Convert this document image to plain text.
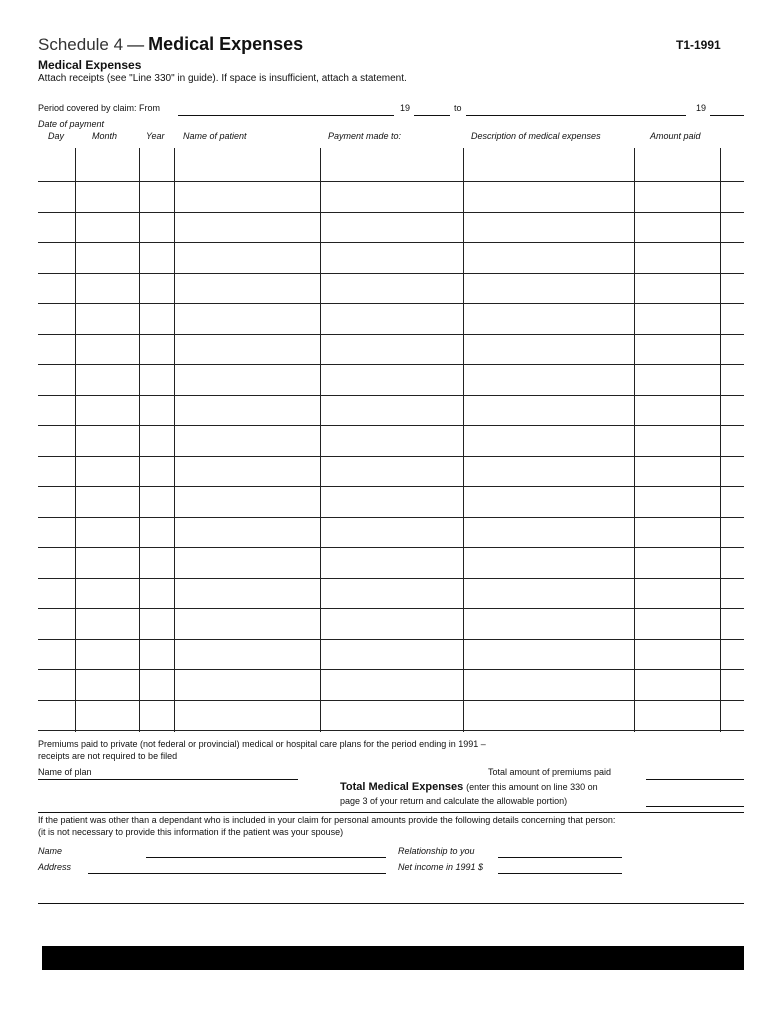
Schedule 4 — Medical Expenses	T1-1991
Medical Expenses
Attach receipts (see "Line 330" in guide). If space is insufficient, attach a statement.
Period covered by claim: From	19	to	19
Date of payment
Day	Month	Year Name of patient	Payment made to:	Description of medical expenses	Amount paid
Premiums paid to private (not federal or provincial) medical or hospital care plans for the period ending in 1991 –
receipts are not required to be filed
Name of plan	Total amount of premiums paid
Total Medical Expenses (enter this amount on line 330 on
page 3 of your return and calculate the allowable portion)
If the patient was other than a dependant who is included in your claim for personal amounts provide the following details concerning that person:
(it is not necessary to provide this information if the patient was your spouse)
Name	Relationship to you
Address	Net income in 1991 $
